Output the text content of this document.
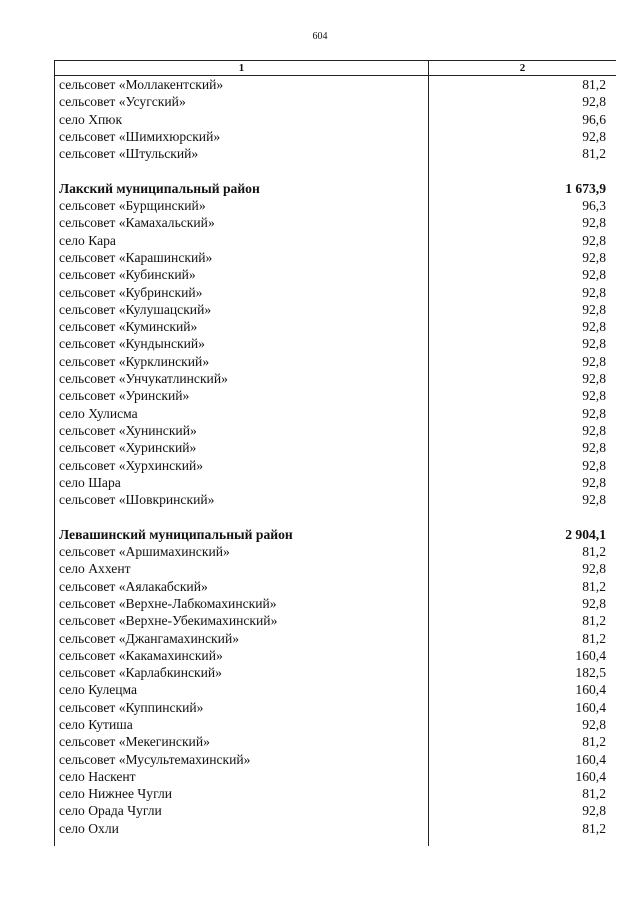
604
1	2
сельсовет «Моллакентский»	81,2
сельсовет «Усугский»	92,8
село Хпюк	96,6
сельсовет «Шимихюрский»	92,8
сельсовет «Штульский»	81,2
Лакский муниципальный район	1 673,9
сельсовет «Бурщинский»	96,3
сельсовет «Камахальский»	92,8
село Кара	92,8
сельсовет «Карашинский»	92,8
сельсовет «Кубинский»	92,8
сельсовет «Кубринский»	92,8
сельсовет «Кулушацский»	92,8
сельсовет «Куминский»	92,8
сельсовет «Кундынский»	92,8
сельсовет «Курклинский»	92,8
сельсовет «Унчукатлинский»	92,8
сельсовет «Уринский»	92,8
село Хулисма	92,8
сельсовет «Хунинский»	92,8
сельсовет «Хуринский»	92,8
сельсовет «Хурхинский»	92,8
село Шара	92,8
сельсовет «Шовкринский»	92,8
Левашинский муниципальный район	2 904,1
сельсовет «Аршимахинский»	81,2
село Аххент	92,8
сельсовет «Аялакабский»	81,2
сельсовет «Верхне-Лабкомахинский»	92,8
сельсовет «Верхне-Убекимахинский»	81,2
сельсовет «Джангамахинский»	81,2
сельсовет «Какамахинский»	160,4
сельсовет «Карлабкинский»	182,5
село Кулецма	160,4
сельсовет «Куппинский»	160,4
село Кутиша	92,8
сельсовет «Мекегинский»	81,2
сельсовет «Мусультемахинский»	160,4
село Наскент	160,4
село Нижнее Чугли	81,2
село Орада Чугли	92,8
село Охли	81,2
